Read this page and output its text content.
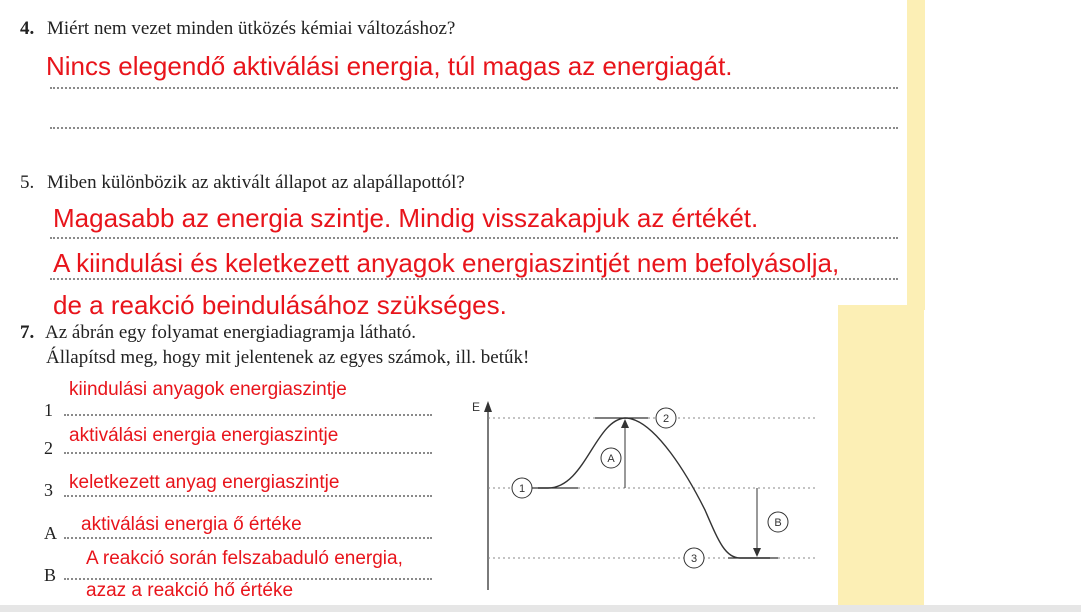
4. Miért nem vezet minden ütközés kémiai változáshoz?
Nincs elegendő aktiválási energia, túl magas az energiagát.
5. Miben különbözik az aktivált állapot az alapállapottól?
Magasabb az energia szintje. Mindig visszakapjuk az értékét.
A kiindulási és keletkezett anyagok energiaszintjét nem befolyásolja,
de a reakció beindulásához szükséges.
7. Az ábrán egy folyamat energiadiagramja látható.
Állapítsd meg, hogy mit jelentenek az egyes számok, ill. betűk!
1
kiindulási anyagok energiaszintje
2
aktiválási energia energiaszintje
3 keletkezett anyag energiaszintje
A aktiválási energia ő értéke
B
A reakció során felszabaduló energia,
azaz a reakció hő értéke
E
1
2
3
A
B
